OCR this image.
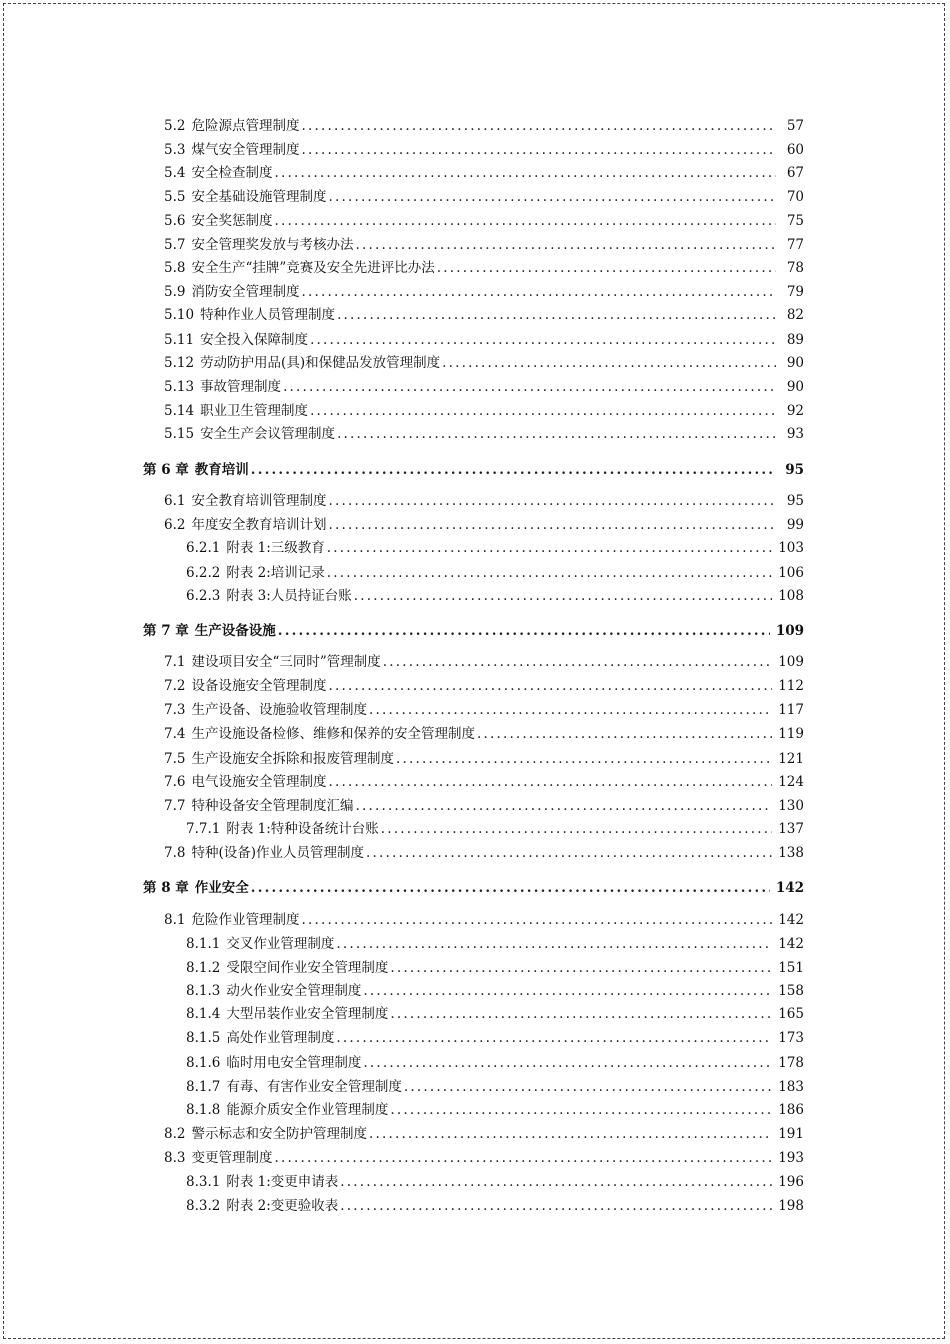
5.2 危险源点管理制度 .....	57
5.3 煤气安全管理制度 .....	60
5.4 安全检查制度 .....	67
5.5 安全基础设施管理制度 .....	70
5.6 安全奖惩制度 .....	75
5.7 安全管理奖发放与考核办法 .....	77
5.8 安全生产“挂牌”竞赛及安全先进评比办法 .....	78
5.9 消防安全管理制度 .....	79
5.10 特种作业人员管理制度 .....	82
5.11 安全投入保障制度 .....	89
5.12 劳动防护用品(具)和保健品发放管理制度 .....	90
5.13 事故管理制度 .....	90
5.14 职业卫生管理制度 .....	92
5.15 安全生产会议管理制度 .....	93
第 6 章 教育培训 .....	95
6.1 安全教育培训管理制度 .....	95
6.2 年度安全教育培训计划 .....	99
6.2.1 附表 1:三级教育 .....	103
6.2.2 附表 2:培训记录 .....	106
6.2.3 附表 3:人员持证台账 .....	108
第 7 章 生产设备设施 .....	109
7.1 建设项目安全“三同时”管理制度 .....	109
7.2 设备设施安全管理制度 .....	112
7.3 生产设备、设施验收管理制度 .....	117
7.4 生产设施设备检修、维修和保养的安全管理制度 .....	119
7.5 生产设施安全拆除和报废管理制度 .....	121
7.6 电气设施安全管理制度 .....	124
7.7 特种设备安全管理制度汇编 .....	130
7.7.1 附表 1:特种设备统计台账 .....	137
7.8 特种(设备)作业人员管理制度 .....	138
第 8 章 作业安全 .....	142
8.1 危险作业管理制度 .....	142
8.1.1 交叉作业管理制度 .....	142
8.1.2 受限空间作业安全管理制度 .....	151
8.1.3 动火作业安全管理制度 .....	158
8.1.4 大型吊装作业安全管理制度 .....	165
8.1.5 高处作业管理制度 .....	173
8.1.6 临时用电安全管理制度 .....	178
8.1.7 有毒、有害作业安全管理制度 .....	183
8.1.8 能源介质安全作业管理制度 .....	186
8.2 警示标志和安全防护管理制度 .....	191
8.3 变更管理制度 .....	193
8.3.1 附表 1:变更申请表 .....	196
8.3.2 附表 2:变更验收表 .....	198
